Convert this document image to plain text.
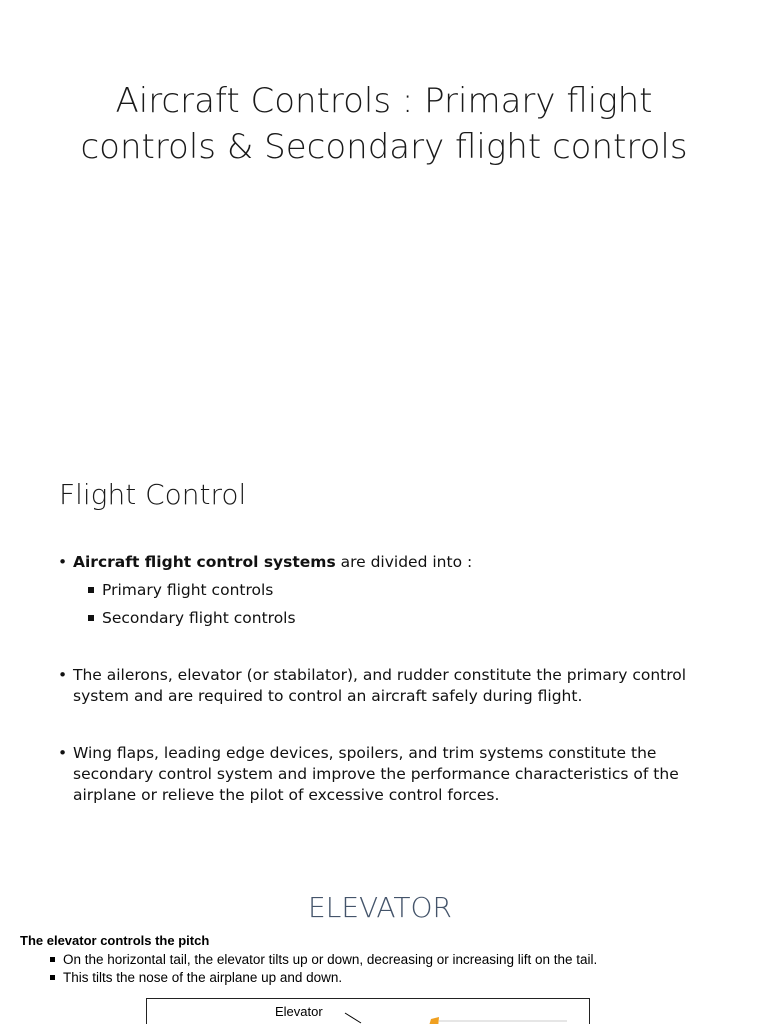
Aircraft Controls : Primary flight controls & Secondary flight controls
Flight Control
• Aircraft flight control systems are divided into :
Primary flight controls
Secondary flight controls
• The ailerons, elevator (or stabilator), and rudder constitute the primary control system and are required to control an aircraft safely during flight.
• Wing flaps, leading edge devices, spoilers, and trim systems constitute the secondary control system and improve the performance characteristics of the airplane or relieve the pilot of excessive control forces.
ELEVATOR
The elevator controls the pitch
On the horizontal tail, the elevator tilts up or down, decreasing or increasing lift on the tail.
This tilts the nose of the airplane up and down.
Elevator
